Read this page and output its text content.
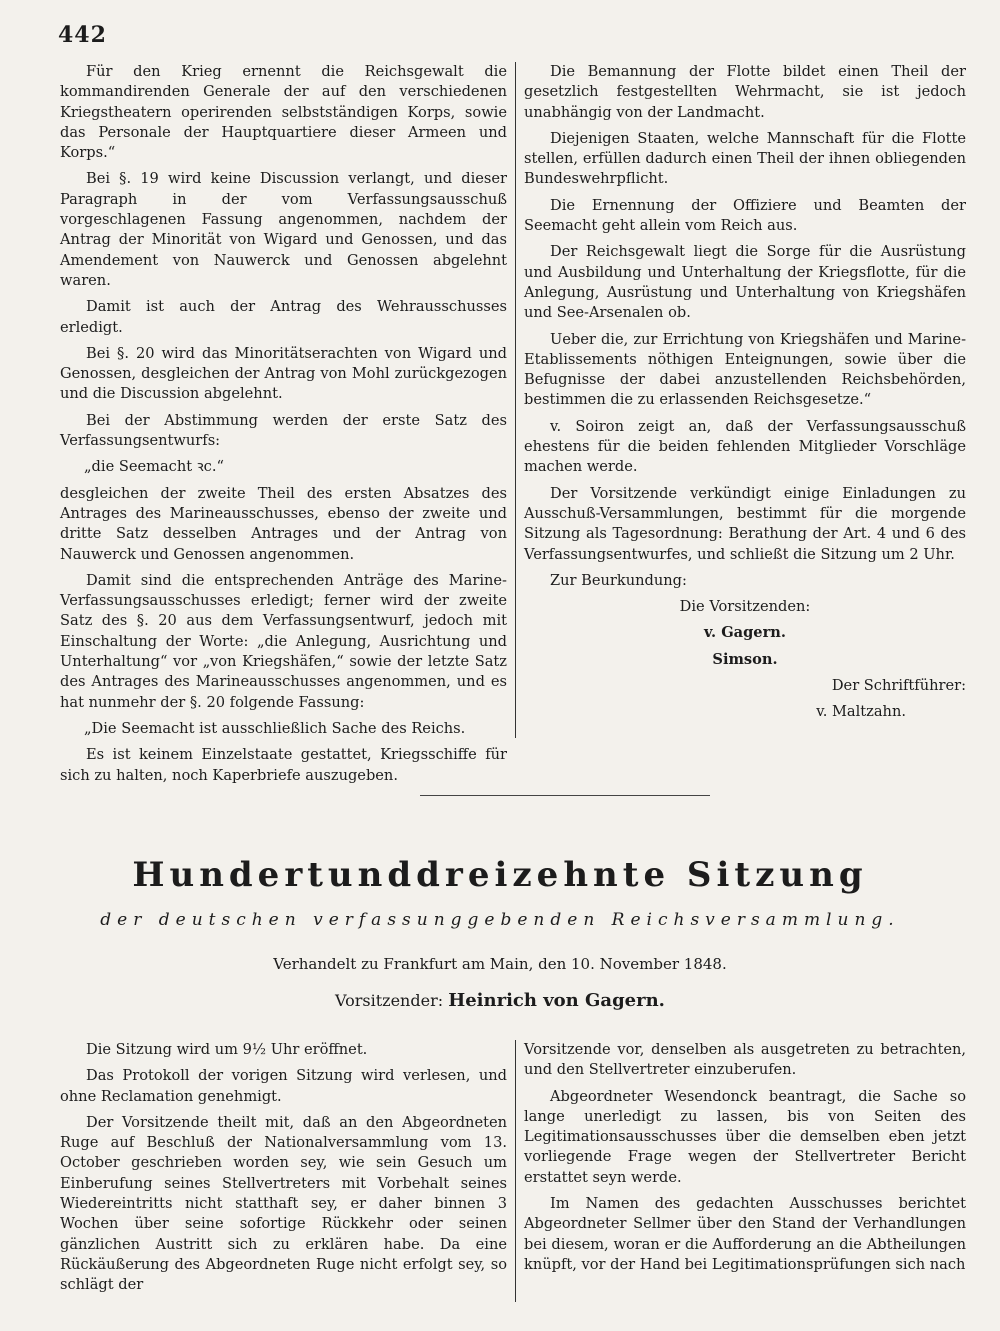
442

Für den Krieg ernennt die Reichsgewalt die kommandirenden Generale der auf den verschiedenen Kriegstheatern operirenden selbstständigen Korps, sowie das Personale der Hauptquartiere dieser Armeen und Korps.“

Bei §. 19 wird keine Discussion verlangt, und dieser Paragraph in der vom Verfassungsausschuß vorgeschlagenen Fassung angenommen, nachdem der Antrag der Minorität von Wigard und Genossen, und das Amendement von Nauwerck und Genossen abgelehnt waren.

Damit ist auch der Antrag des Wehrausschusses erledigt.

Bei §. 20 wird das Minoritätserachten von Wigard und Genossen, desgleichen der Antrag von Mohl zurückgezogen und die Discussion abgelehnt.

Bei der Abstimmung werden der erste Satz des Verfassungsentwurfs:

„die Seemacht ꝛc.“

desgleichen der zweite Theil des ersten Absatzes des Antrages des Marineausschusses, ebenso der zweite und dritte Satz desselben Antrages und der Antrag von Nauwerck und Genossen angenommen.

Damit sind die entsprechenden Anträge des Marine-Verfassungsausschusses erledigt; ferner wird der zweite Satz des §. 20 aus dem Verfassungsentwurf, jedoch mit Einschaltung der Worte: „die Anlegung, Ausrichtung und Unterhaltung“ vor „von Kriegshäfen,“ sowie der letzte Satz des Antrages des Marineausschusses angenommen, und es hat nunmehr der §. 20 folgende Fassung:

„Die Seemacht ist ausschließlich Sache des Reichs.

Es ist keinem Einzelstaate gestattet, Kriegsschiffe für sich zu halten, noch Kaperbriefe auszugeben.

Die Bemannung der Flotte bildet einen Theil der gesetzlich festgestellten Wehrmacht, sie ist jedoch unabhängig von der Landmacht.

Diejenigen Staaten, welche Mannschaft für die Flotte stellen, erfüllen dadurch einen Theil der ihnen obliegenden Bundeswehrpflicht.

Die Ernennung der Offiziere und Beamten der Seemacht geht allein vom Reich aus.

Der Reichsgewalt liegt die Sorge für die Ausrüstung und Ausbildung und Unterhaltung der Kriegsflotte, für die Anlegung, Ausrüstung und Unterhaltung von Kriegshäfen und See-Arsenalen ob.

Ueber die, zur Errichtung von Kriegshäfen und Marine-Etablissements nöthigen Enteignungen, sowie über die Befugnisse der dabei anzustellenden Reichsbehörden, bestimmen die zu erlassenden Reichsgesetze.“

v. Soiron zeigt an, daß der Verfassungsausschuß ehestens für die beiden fehlenden Mitglieder Vorschläge machen werde.

Der Vorsitzende verkündigt einige Einladungen zu Ausschuß-Versammlungen, bestimmt für die morgende Sitzung als Tagesordnung: Berathung der Art. 4 und 6 des Verfassungsentwurfes, und schließt die Sitzung um 2 Uhr.

Zur Beurkundung:

Die Vorsitzenden:

v. Gagern.

Simson.

Der Schriftführer:

v. Maltzahn.

Hundertunddreizehnte Sitzung
der deutschen verfassunggebenden Reichsversammlung.
Verhandelt zu Frankfurt am Main, den 10. November 1848.
Vorsitzender: Heinrich von Gagern.

Die Sitzung wird um 9½ Uhr eröffnet.

Das Protokoll der vorigen Sitzung wird verlesen, und ohne Reclamation genehmigt.

Der Vorsitzende theilt mit, daß an den Abgeordneten Ruge auf Beschluß der Nationalversammlung vom 13. October geschrieben worden sey, wie sein Gesuch um Einberufung seines Stellvertreters mit Vorbehalt seines Wiedereintritts nicht statthaft sey, er daher binnen 3 Wochen über seine sofortige Rückkehr oder seinen gänzlichen Austritt sich zu erklären habe. Da eine Rückäußerung des Abgeordneten Ruge nicht erfolgt sey, so schlägt der

Vorsitzende vor, denselben als ausgetreten zu betrachten, und den Stellvertreter einzuberufen.

Abgeordneter Wesendonck beantragt, die Sache so lange unerledigt zu lassen, bis von Seiten des Legitimationsausschusses über die demselben eben jetzt vorliegende Frage wegen der Stellvertreter Bericht erstattet seyn werde.

Im Namen des gedachten Ausschusses berichtet Abgeordneter Sellmer über den Stand der Verhandlungen bei diesem, woran er die Aufforderung an die Abtheilungen knüpft, vor der Hand bei Legitimationsprüfungen sich nach
